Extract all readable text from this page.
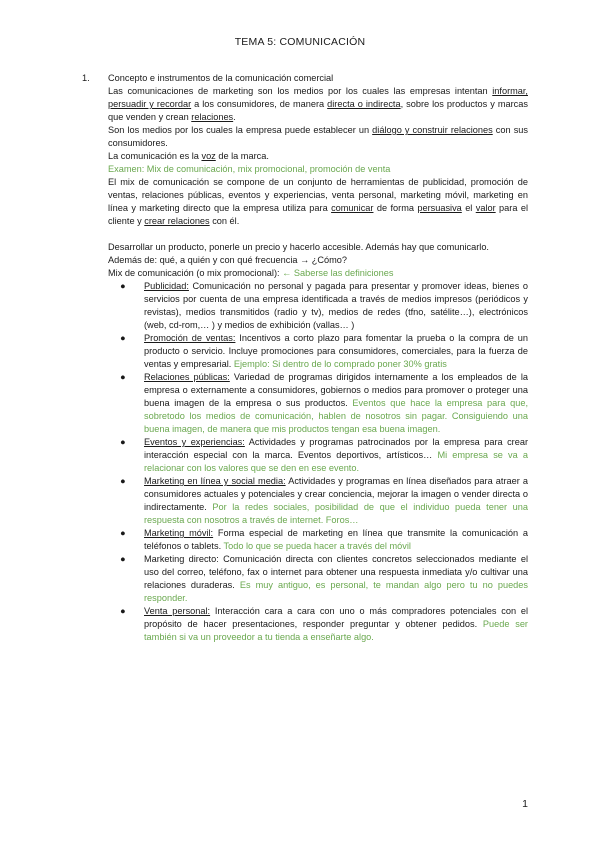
TEMA 5: COMUNICACIÓN
1. Concepto e instrumentos de la comunicación comercial

Las comunicaciones de marketing son los medios por los cuales las empresas intentan informar, persuadir y recordar a los consumidores, de manera directa o indirecta, sobre los productos y marcas que venden y crean relaciones.

Son los medios por los cuales la empresa puede establecer un diálogo y construir relaciones con sus consumidores.

La comunicación es la voz de la marca.

Examen: Mix de comunicación, mix promocional, promoción de venta

El mix de comunicación se compone de un conjunto de herramientas de publicidad, promoción de ventas, relaciones públicas, eventos y experiencias, venta personal, marketing móvil, marketing en línea y marketing directo que la empresa utiliza para comunicar de forma persuasiva el valor para el cliente y crear relaciones con él.

Desarrollar un producto, ponerle un precio y hacerlo accesible. Además hay que comunicarlo.

Además de: qué, a quién y con qué frecuencia → ¿Cómo?

Mix de comunicación (o mix promocional): ← Saberse las definiciones

● Publicidad: Comunicación no personal y pagada para presentar y promover ideas, bienes o servicios por cuenta de una empresa identificada a través de medios impresos (periódicos y revistas), medios transmitidos (radio y tv), medios de redes (tfno, satélite…), electrónicos (web, cd-rom,… ) y medios de exhibición (vallas… )
● Promoción de ventas: Incentivos a corto plazo para fomentar la prueba o la compra de un producto o servicio. Incluye promociones para consumidores, comerciales, para la fuerza de ventas y empresarial. Ejemplo: Si dentro de lo comprado poner 30% gratis
● Relaciones públicas: Variedad de programas dirigidos internamente a los empleados de la empresa o externamente a consumidores, gobiernos o medios para promover o proteger una buena imagen de la empresa o sus productos. Eventos que hace la empresa para que, sobretodo los medios de comunicación, hablen de nosotros sin pagar. Consiguiendo una buena imagen, de manera que mis productos tengan esa buena imagen.
● Eventos y experiencias: Actividades y programas patrocinados por la empresa para crear interacción especial con la marca. Eventos deportivos, artísticos… Mi empresa se va a relacionar con los valores que se den en ese evento.
● Marketing en línea y social media: Actividades y programas en línea diseñados para atraer a consumidores actuales y potenciales y crear conciencia, mejorar la imagen o vender directa o indirectamente. Por la redes sociales, posibilidad de que el individuo pueda tener una respuesta con nosotros a través de internet. Foros…
● Marketing móvil: Forma especial de marketing en línea que transmite la comunicación a teléfonos o tablets. Todo lo que se pueda hacer a través del móvil
● Marketing directo: Comunicación directa con clientes concretos seleccionados mediante el uso del correo, teléfono, fax o internet para obtener una respuesta inmediata y/o cultivar una relaciones duraderas. Es muy antiguo, es personal, te mandan algo pero tu no puedes responder.
● Venta personal: Interacción cara a cara con uno o más compradores potenciales con el propósito de hacer presentaciones, responder preguntar y obtener pedidos. Puede ser también si va un proveedor a tu tienda a enseñarte algo.
1
